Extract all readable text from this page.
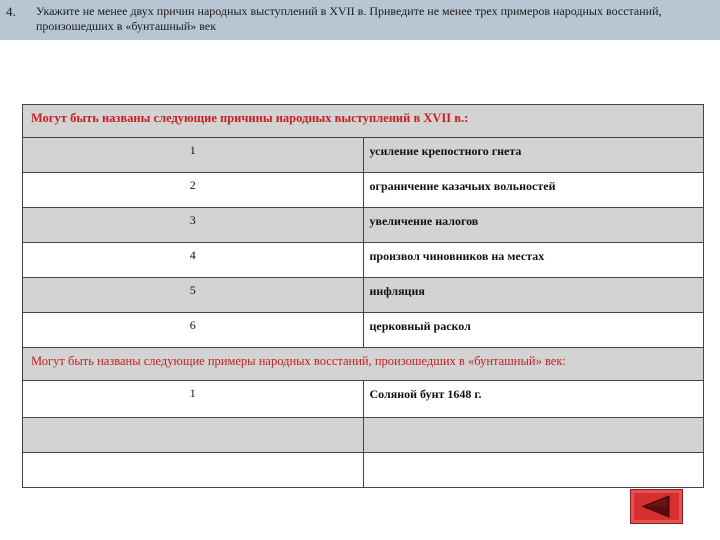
4.	Укажите не менее двух причин народных выступлений в XVII в. Приведите не менее трех примеров народных восстаний, произошедших в «бунташный» век
Могут быть названы следующие причины народных выступлений в XVII в.:	
1	усиление крепостного гнета
2	ограничение казачьих вольностей
3	увеличение налогов
4	произвол чиновников на местах
5	инфляция
6	церковный раскол
Могут быть названы следующие примеры народных восстаний, произошедших в «бунташный» век:	
1	Соляной бунт 1648 г.
